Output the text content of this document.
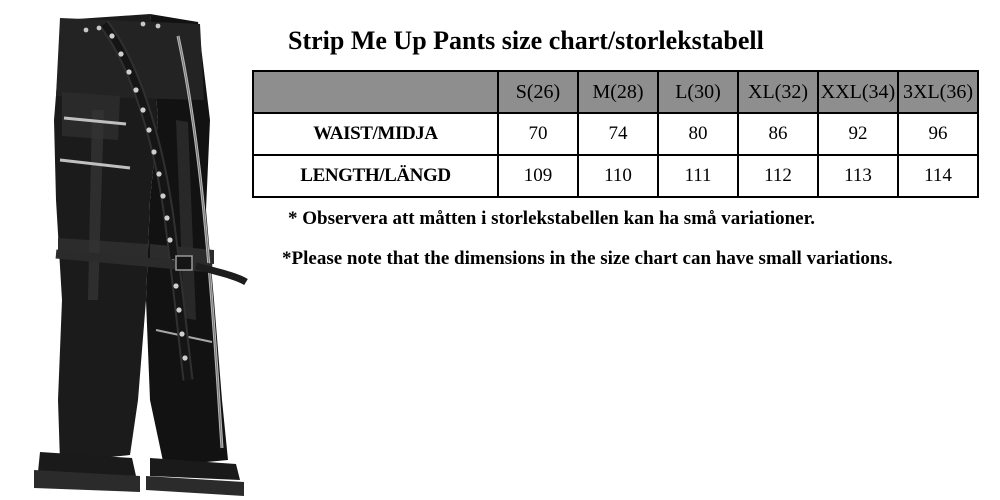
Strip Me Up Pants size chart/storlekstabell
	S(26)	M(28)	L(30)	XL(32)	XXL(34)	3XL(36)
WAIST/MIDJA	70	74	80	86	92	96
LENGTH/LÄNGD	109	110	111	112	113	114
* Observera att måtten i storlekstabellen kan ha små variationer.
*Please note that the dimensions in the size chart can have small variations.
